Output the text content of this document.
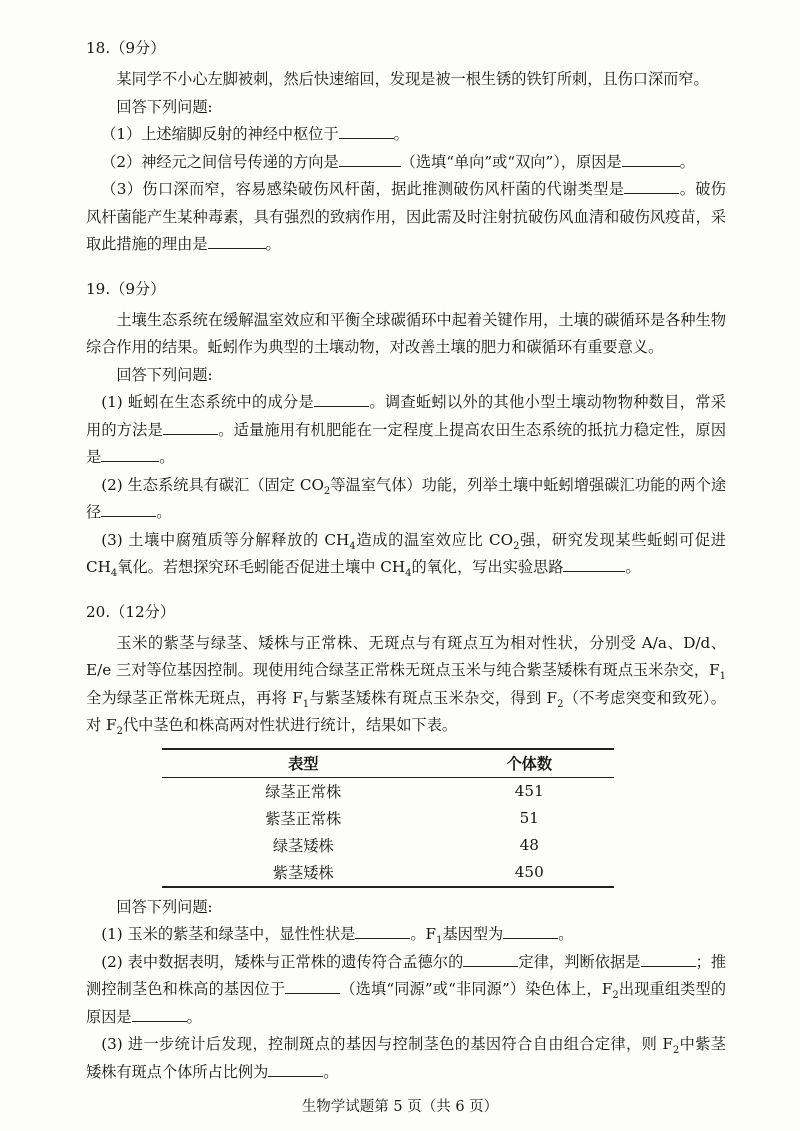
18.（9分）

某同学不小心左脚被刺，然后快速缩回，发现是被一根生锈的铁钉所刺，且伤口深而窄。

回答下列问题:

（1）上述缩脚反射的神经中枢位于	。

（2）神经元之间信号传递的方向是	（选填“单向”或“双向”），原因是	。

（3）伤口深而窄，容易感染破伤风杆菌，据此推测破伤风杆菌的代谢类型是	。破伤风杆菌能产生某种毒素，具有强烈的致病作用，因此需及时注射抗破伤风血清和破伤风疫苗，采取此措施的理由是	。

19.（9分）

土壤生态系统在缓解温室效应和平衡全球碳循环中起着关键作用，土壤的碳循环是各种生物综合作用的结果。蚯蚓作为典型的土壤动物，对改善土壤的肥力和碳循环有重要意义。

回答下列问题:

(1) 蚯蚓在生态系统中的成分是	。调查蚯蚓以外的其他小型土壤动物物种数目，常采用的方法是	。适量施用有机肥能在一定程度上提高农田生态系统的抵抗力稳定性，原因是	。

(2) 生态系统具有碳汇（固定 $CO_2$等温室气体）功能，列举土壤中蚯蚓增强碳汇功能的两个途径	。

(3) 土壤中腐殖质等分解释放的 $CH_4$造成的温室效应比 $CO_2$强，研究发现某些蚯蚓可促进 $CH_4$氧化。若想探究环毛蚓能否促进土壤中 $CH_4$的氧化，写出实验思路	。

20.（12分）

玉米的紫茎与绿茎、矮株与正常株、无斑点与有斑点互为相对性状，分别受 A/a、D/d、E/e 三对等位基因控制。现使用纯合绿茎正常株无斑点玉米与纯合紫茎矮株有斑点玉米杂交，$F_1$全为绿茎正常株无斑点，再将 $F_1$与紫茎矮株有斑点玉米杂交，得到 $F_2$（不考虑突变和致死）。对 $F_2$代中茎色和株高两对性状进行统计，结果如下表。

表型	个体数
绿茎正常株	451
紫茎正常株	51
绿茎矮株	48
紫茎矮株	450

回答下列问题:

(1) 玉米的紫茎和绿茎中，显性性状是	。$F_1$基因型为	。

(2) 表中数据表明，矮株与正常株的遗传符合孟德尔的	定律，判断依据是	；推测控制茎色和株高的基因位于	（选填“同源”或“非同源”）染色体上，$F_2$出现重组类型的原因是	。

(3) 进一步统计后发现，控制斑点的基因与控制茎色的基因符合自由组合定律，则 $F_2$中紫茎矮株有斑点个体所占比例为	。

生物学试题第 5 页（共 6 页）
